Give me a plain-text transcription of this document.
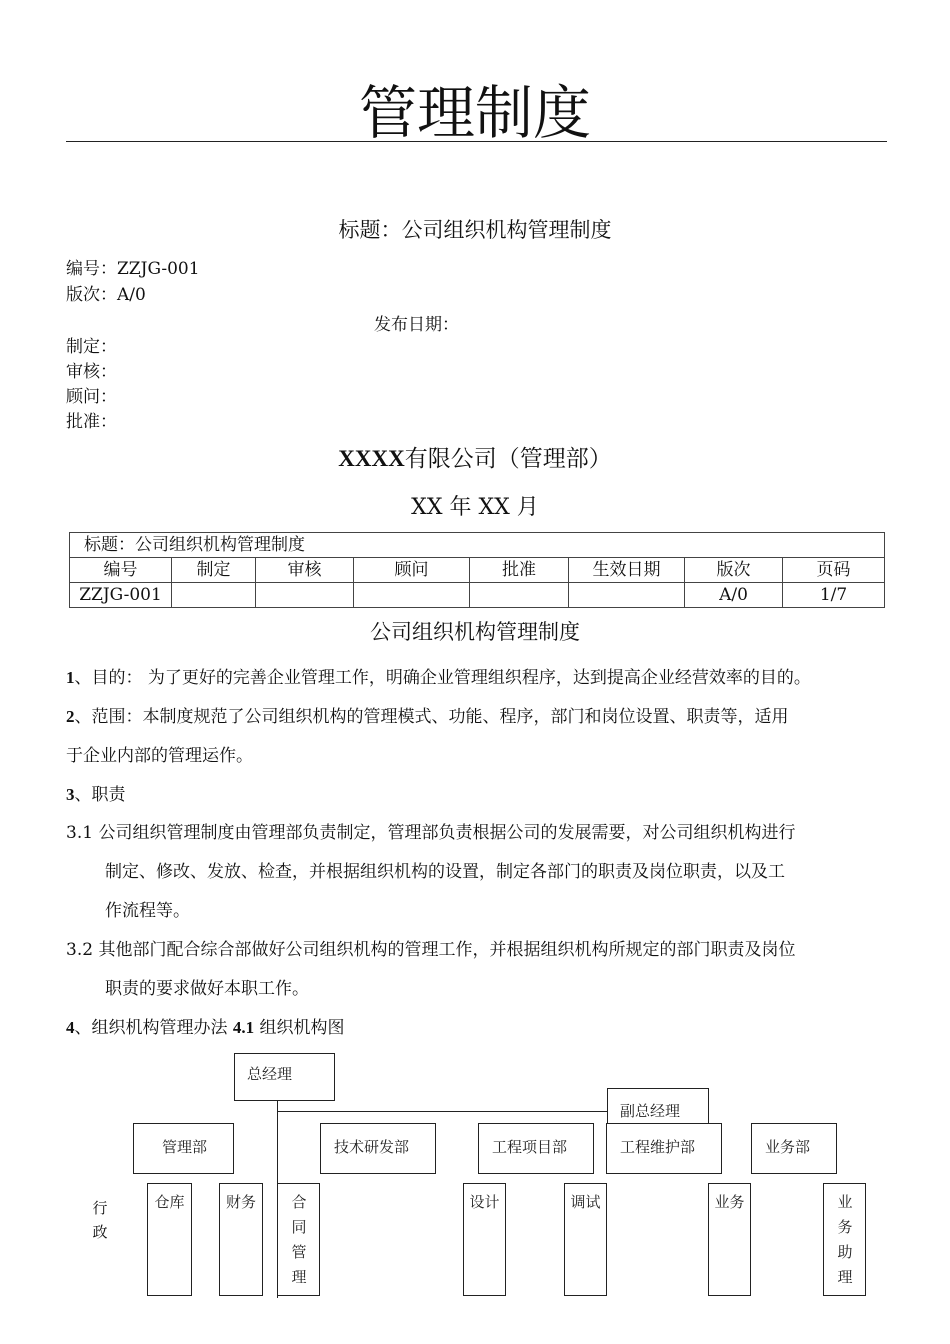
管理制度
标题：公司组织机构管理制度
编号：ZZJG-001
版次：A/0
发布日期：
制定：
审核：
顾问：
批准：
XXXX有限公司（管理部）
XX 年 XX 月
标题：公司组织机构管理制度							
编号	制定	审核	顾问	批准	生效日期	版次	页码
ZZJG-001						A/0	1/7
公司组织机构管理制度
1、目的： 为了更好的完善企业管理工作，明确企业管理组织程序，达到提高企业经营效率的目的。
2、范围：本制度规范了公司组织机构的管理模式、功能、程序，部门和岗位设置、职责等，适用
于企业内部的管理运作。
3、职责
3.1 公司组织管理制度由管理部负责制定，管理部负责根据公司的发展需要，对公司组织机构进行
制定、修改、发放、检查，并根据组织机构的设置，制定各部门的职责及岗位职责，以及工
作流程等。
3.2 其他部门配合综合部做好公司组织机构的管理工作，并根据组织机构所规定的部门职责及岗位
职责的要求做好本职工作。
4、组织机构管理办法 4.1 组织机构图
总经理
副总经理
管理部	技术研发部	工程项目部	工程维护部	业务部
行政
仓库	财务	合同管理
设计	调试	业务	业务助理
